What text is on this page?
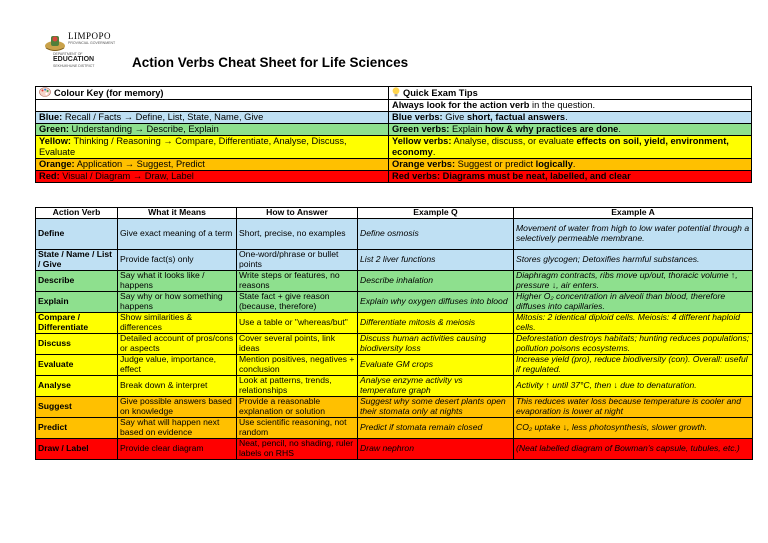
LIMPOPO
PROVINCIAL GOVERNMENT
DEPARTMENT OF
EDUCATION
SEKHUKHUNE DISTRICT	Action Verbs Cheat Sheet for Life Sciences
Colour Key (for memory)	Quick Exam Tips
	Always look for the action verb in the question.
Blue: Recall / Facts → Define, List, State, Name, Give	Blue verbs: Give short, factual answers.
Green: Understanding → Describe, Explain	Green verbs: Explain how & why practices are done.
Yellow: Thinking / Reasoning → Compare, Differentiate, Analyse, Discuss, Evaluate	Yellow verbs: Analyse, discuss, or evaluate effects on soil, yield, environment, economy.
Orange: Application → Suggest, Predict	Orange verbs: Suggest or predict logically.
Red: Visual / Diagram → Draw, Label	Red verbs: Diagrams must be neat, labelled, and clear
Action Verb	What it Means	How to Answer	Example Q	Example A
Define	Give exact meaning of a term	Short, precise, no examples	Define osmosis	Movement of water from high to low water potential through a selectively permeable membrane.
State / Name / List / Give	Provide fact(s) only	One-word/phrase or bullet points	List 2 liver functions	Stores glycogen; Detoxifies harmful substances.
Describe	Say what it looks like / happens	Write steps or features, no reasons	Describe inhalation	Diaphragm contracts, ribs move up/out, thoracic volume ↑, pressure ↓, air enters.
Explain	Say why or how something happens	State fact + give reason (because, therefore)	Explain why oxygen diffuses into blood	Higher O₂ concentration in alveoli than blood, therefore diffuses into capillaries.
Compare / Differentiate	Show similarities & differences	Use a table or "whereas/but"	Differentiate mitosis & meiosis	Mitosis: 2 identical diploid cells. Meiosis: 4 different haploid cells.
Discuss	Detailed account of pros/cons or aspects	Cover several points, link ideas	Discuss human activities causing biodiversity loss	Deforestation destroys habitats; hunting reduces populations; pollution poisons ecosystems.
Evaluate	Judge value, importance, effect	Mention positives, negatives + conclusion	Evaluate GM crops	Increase yield (pro), reduce biodiversity (con). Overall: useful if regulated.
Analyse	Break down & interpret	Look at patterns, trends, relationships	Analyse enzyme activity vs temperature graph	Activity ↑ until 37°C, then ↓ due to denaturation.
Suggest	Give possible answers based on knowledge	Provide a reasonable explanation or solution	Suggest why some desert plants open their stomata only at nights	This reduces water loss because temperature is cooler and evaporation is lower at night
Predict	Say what will happen next based on evidence	Use scientific reasoning, not random	Predict if stomata remain closed	CO₂ uptake ↓, less photosynthesis, slower growth.
Draw / Label	Provide clear diagram	Neat, pencil, no shading, ruler labels on RHS	Draw nephron	(Neat labelled diagram of Bowman's capsule, tubules, etc.)
